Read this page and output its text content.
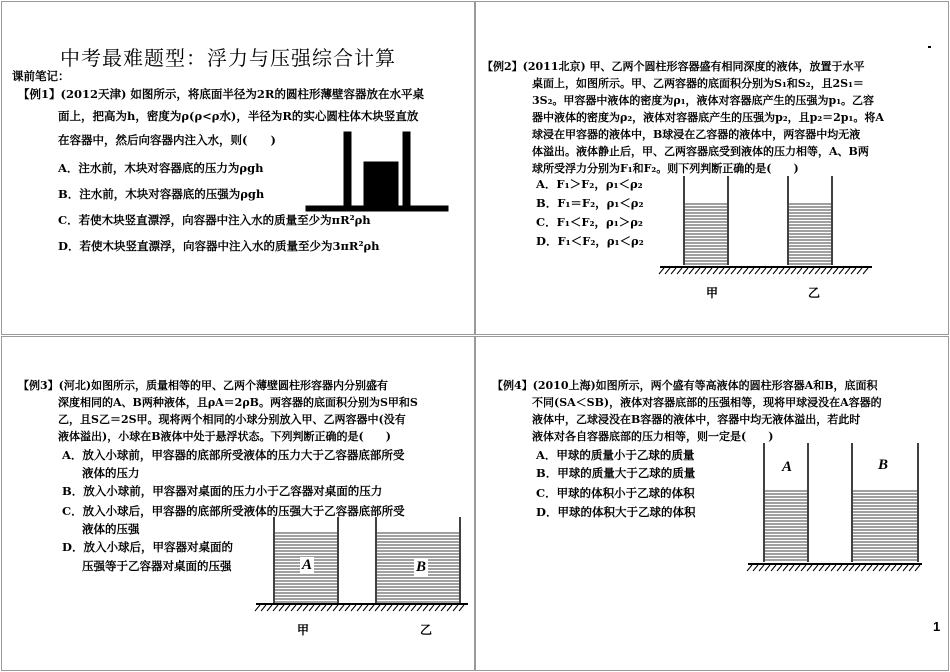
中考最难题型：浮力与压强综合计算
课前笔记：
【例1】(2012天津) 如图所示，将底面半径为2R的圆柱形薄壁容器放在水平桌
面上，把高为h，密度为ρ(ρ<ρ水)，半径为R的实心圆柱体木块竖直放
在容器中，然后向容器内注入水，则(　　)
A．注水前，木块对容器底的压力为ρgh
B．注水前，木块对容器底的压强为ρgh
C．若使木块竖直漂浮，向容器中注入水的质量至少为πR²ρh
D．若使木块竖直漂浮，向容器中注入水的质量至少为3πR²ρh
【例2】(2011北京) 甲、乙两个圆柱形容器盛有相同深度的液体，放置于水平
桌面上，如图所示。甲、乙两容器的底面积分别为S₁和S₂，且2S₁＝
3S₂。甲容器中液体的密度为ρ₁，液体对容器底产生的压强为p₁。乙容
器中液体的密度为ρ₂，液体对容器底产生的压强为p₂，且p₂＝2p₁。将A
球浸在甲容器的液体中，B球浸在乙容器的液体中，两容器中均无液
体溢出。液体静止后，甲、乙两容器底受到液体的压力相等，A、B两
球所受浮力分别为F₁和F₂。则下列判断正确的是(　　)
A．F₁＞F₂，ρ₁＜ρ₂
B．F₁＝F₂，ρ₁＜ρ₂
C．F₁＜F₂，ρ₁＞ρ₂
D．F₁＜F₂，ρ₁＜ρ₂
甲	乙
【例3】(河北)如图所示，质量相等的甲、乙两个薄壁圆柱形容器内分别盛有
深度相同的A、B两种液体，且ρA＝2ρB。两容器的底面积分别为S甲和S
乙，且S乙＝2S甲。现将两个相同的小球分别放入甲、乙两容器中(没有
液体溢出)，小球在B液体中处于悬浮状态。下列判断正确的是(　　)
A．放入小球前，甲容器的底部所受液体的压力大于乙容器底部所受
液体的压力
B．放入小球前，甲容器对桌面的压力小于乙容器对桌面的压力
C．放入小球后，甲容器的底部所受液体的压强大于乙容器底部所受
液体的压强
D．放入小球后，甲容器对桌面的
压强等于乙容器对桌面的压强	A	B
甲	乙
【例4】(2010上海)如图所示，两个盛有等高液体的圆柱形容器A和B，底面积
不同(SA＜SB)，液体对容器底部的压强相等，现将甲球浸没在A容器的
液体中，乙球浸没在B容器的液体中，容器中均无液体溢出，若此时
液体对各自容器底部的压力相等，则一定是(　　)
A．甲球的质量小于乙球的质量
B．甲球的质量大于乙球的质量
C．甲球的体积小于乙球的体积
D．甲球的体积大于乙球的体积
A	B
1
